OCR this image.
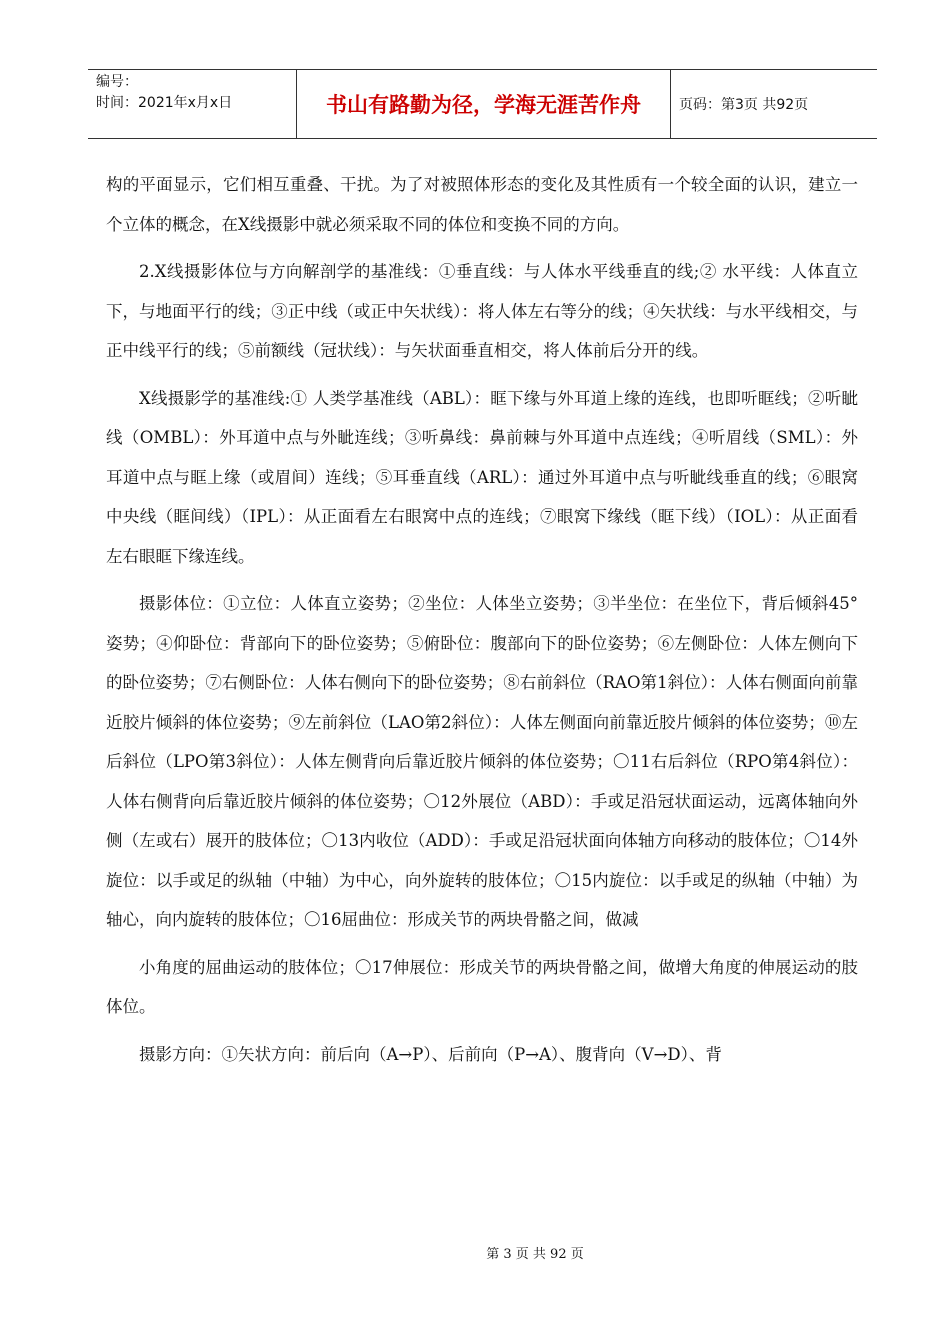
编号：
时间：2021年x月x日	书山有路勤为径，学海无涯苦作舟	页码：第3页 共92页

构的平面显示，它们相互重叠、干扰。为了对被照体形态的变化及其性质有一个较全面的认识，建立一个立体的概念，在X线摄影中就必须采取不同的体位和变换不同的方向。

2.X线摄影体位与方向解剖学的基准线：①垂直线：与人体水平线垂直的线;② 水平线：人体直立下，与地面平行的线；③正中线（或正中矢状线）：将人体左右等分的线；④矢状线：与水平线相交，与正中线平行的线；⑤前额线（冠状线）：与矢状面垂直相交，将人体前后分开的线。

X线摄影学的基准线:① 人类学基准线（ABL）：眶下缘与外耳道上缘的连线，也即听眶线；②听眦线（OMBL）：外耳道中点与外眦连线；③听鼻线：鼻前棘与外耳道中点连线；④听眉线（SML）：外耳道中点与眶上缘（或眉间）连线；⑤耳垂直线（ARL）：通过外耳道中点与听眦线垂直的线；⑥眼窝中央线（眶间线）（IPL）：从正面看左右眼窝中点的连线；⑦眼窝下缘线（眶下线）（IOL）：从正面看左右眼眶下缘连线。

摄影体位：①立位：人体直立姿势；②坐位：人体坐立姿势；③半坐位：在坐位下，背后倾斜45°姿势；④仰卧位：背部向下的卧位姿势；⑤俯卧位：腹部向下的卧位姿势；⑥左侧卧位：人体左侧向下的卧位姿势；⑦右侧卧位：人体右侧向下的卧位姿势；⑧右前斜位（RAO第1斜位）：人体右侧面向前靠近胶片倾斜的体位姿势；⑨左前斜位（LAO第2斜位）：人体左侧面向前靠近胶片倾斜的体位姿势；⑩左后斜位（LPO第3斜位）：人体左侧背向后靠近胶片倾斜的体位姿势；〇11右后斜位（RPO第4斜位）：人体右侧背向后靠近胶片倾斜的体位姿势；〇12外展位（ABD）：手或足沿冠状面运动，远离体轴向外侧（左或右）展开的肢体位；〇13内收位（ADD）：手或足沿冠状面向体轴方向移动的肢体位；〇14外旋位：以手或足的纵轴（中轴）为中心，向外旋转的肢体位；〇15内旋位：以手或足的纵轴（中轴）为轴心，向内旋转的肢体位；〇16屈曲位：形成关节的两块骨骼之间，做减

小角度的屈曲运动的肢体位；〇17伸展位：形成关节的两块骨骼之间，做增大角度的伸展运动的肢体位。

摄影方向：①矢状方向：前后向（A→P）、后前向（P→A）、腹背向（V→D）、背

第 3 页 共 92 页
